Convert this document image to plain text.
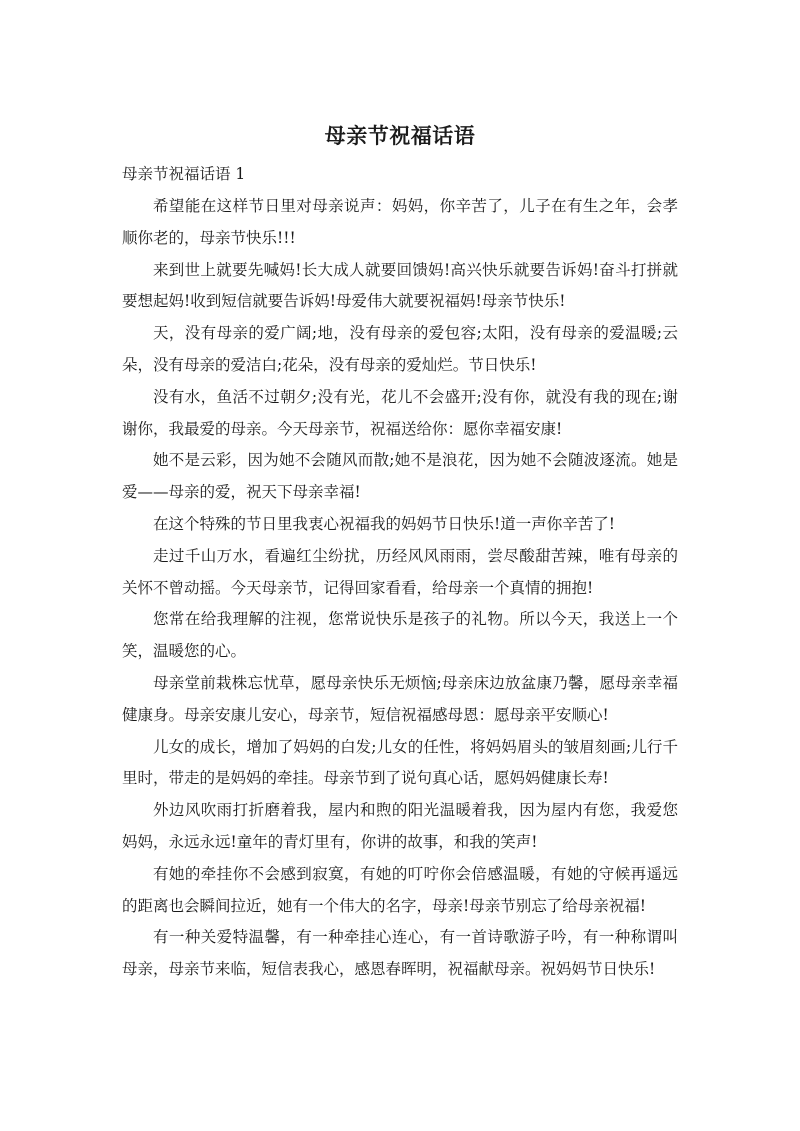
母亲节祝福话语
母亲节祝福话语 1

希望能在这样节日里对母亲说声：妈妈，你辛苦了，儿子在有生之年，会孝顺你老的，母亲节快乐!!!

来到世上就要先喊妈!长大成人就要回馈妈!高兴快乐就要告诉妈!奋斗打拼就要想起妈!收到短信就要告诉妈!母爱伟大就要祝福妈!母亲节快乐!

天，没有母亲的爱广阔;地，没有母亲的爱包容;太阳，没有母亲的爱温暖;云朵，没有母亲的爱洁白;花朵，没有母亲的爱灿烂。节日快乐!

没有水，鱼活不过朝夕;没有光，花儿不会盛开;没有你，就没有我的现在;谢谢你，我最爱的母亲。今天母亲节，祝福送给你：愿你幸福安康!

她不是云彩，因为她不会随风而散;她不是浪花，因为她不会随波逐流。她是爱——母亲的爱，祝天下母亲幸福!

在这个特殊的节日里我衷心祝福我的妈妈节日快乐!道一声你辛苦了!

走过千山万水，看遍红尘纷扰，历经风风雨雨，尝尽酸甜苦辣，唯有母亲的关怀不曾动摇。今天母亲节，记得回家看看，给母亲一个真情的拥抱!

您常在给我理解的注视，您常说快乐是孩子的礼物。所以今天，我送上一个笑，温暖您的心。

母亲堂前栽株忘忧草，愿母亲快乐无烦恼;母亲床边放盆康乃馨，愿母亲幸福健康身。母亲安康儿安心，母亲节，短信祝福感母恩：愿母亲平安顺心!

儿女的成长，增加了妈妈的白发;儿女的任性，将妈妈眉头的皱眉刻画;儿行千里时，带走的是妈妈的牵挂。母亲节到了说句真心话，愿妈妈健康长寿!

外边风吹雨打折磨着我，屋内和煦的阳光温暖着我，因为屋内有您，我爱您妈妈，永远永远!童年的青灯里有，你讲的故事，和我的笑声!

有她的牵挂你不会感到寂寞，有她的叮咛你会倍感温暖，有她的守候再遥远的距离也会瞬间拉近，她有一个伟大的名字，母亲!母亲节别忘了给母亲祝福!

有一种关爱特温馨，有一种牵挂心连心，有一首诗歌游子吟，有一种称谓叫母亲，母亲节来临，短信表我心，感恩春晖明，祝福献母亲。祝妈妈节日快乐!
